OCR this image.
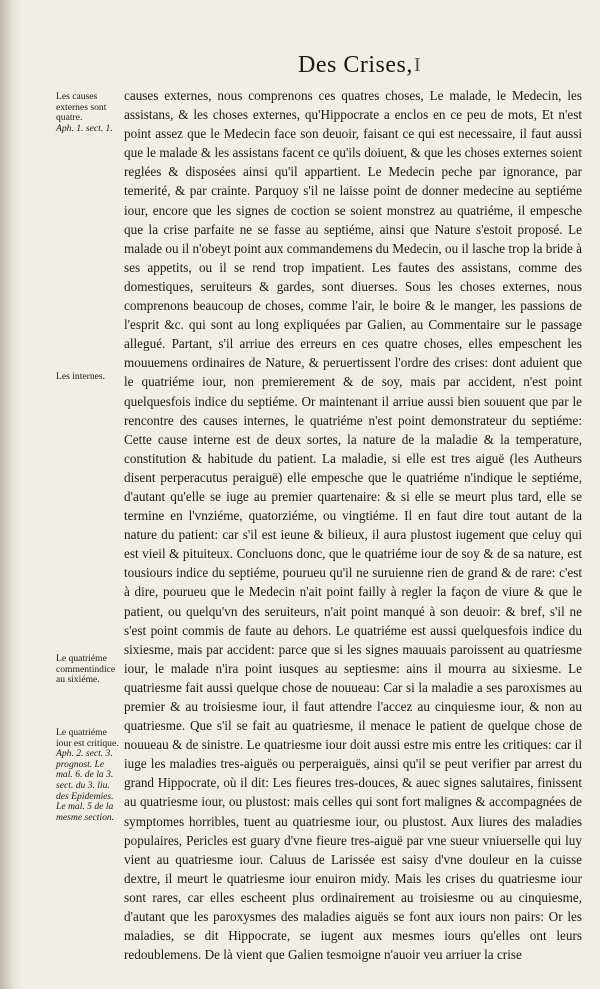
Des Crises, I
Les causes externes sont quatre.
Aph. 1. sect. 1.
Les internes.
Le quatriéme commentindice au sixiéme.
Le quatriéme iour est critique.
Aph. 2. sect. 3. prognost. Le mal. 6. de la 3. sect. du 3. liu. des Epidemies. Le mal. 5 de la mesme section.

causes externes, nous comprenons ces quatres choses, Le malade, le Medecin, les assistans, & les choses externes, qu'Hippocrate a enclos en ce peu de mots, Et n'est point assez que le Medecin face son deuoir, faisant ce qui est necessaire, il faut aussi que le malade & les assistans facent ce qu'ils doiuent, & que les choses externes soient reglées & disposées ainsi qu'il appartient. Le Medecin peche par ignorance, par temerité, & par crainte. Parquoy s'il ne laisse point de donner medecine au septiéme iour, encore que les signes de coction se soient monstrez au quatriéme, il empesche que la crise parfaite ne se fasse au septiéme, ainsi que Nature s'estoit proposé. Le malade ou il n'obeyt point aux commandemens du Medecin, ou il lasche trop la bride à ses appetits, ou il se rend trop impatient. Les fautes des assistans, comme des domestiques, seruiteurs & gardes, sont diuerses. Sous les choses externes, nous comprenons beaucoup de choses, comme l'air, le boire & le manger, les passions de l'esprit &c. qui sont au long expliquées par Galien, au Commentaire sur le passage allegué. Partant, s'il arriue des erreurs en ces quatre choses, elles empeschent les mouuemens ordinaires de Nature, & peruertissent l'ordre des crises: dont aduient que le quatriéme iour, non premierement & de soy, mais par accident, n'est point quelquesfois indice du septiéme. Or maintenant il arriue aussi bien souuent que par le rencontre des causes internes, le quatriéme n'est point demonstrateur du septiéme: Cette cause interne est de deux sortes, la nature de la maladie & la temperature, constitution & habitude du patient. La maladie, si elle est tres aiguë (les Autheurs disent perperacutus peraiguë) elle empesche que le quatriéme n'indique le septiéme, d'autant qu'elle se iuge au premier quartenaire: & si elle se meurt plus tard, elle se termine en l'vnziéme, quatorziéme, ou vingtiéme. Il en faut dire tout autant de la nature du patient: car s'il est ieune & bilieux, il aura plustost iugement que celuy qui est vieil & pituiteux. Concluons donc, que le quatriéme iour de soy & de sa nature, est tousiours indice du septiéme, pourueu qu'il ne suruienne rien de grand & de rare: c'est à dire, pourueu que le Medecin n'ait point failly à regler la façon de viure & que le patient, ou quelqu'vn des seruiteurs, n'ait point manqué à son deuoir: & bref, s'il ne s'est point commis de faute au dehors. Le quatriéme est aussi quelquesfois indice du sixiesme, mais par accident: parce que si les signes mauuais paroissent au quatriesme iour, le malade n'ira point iusques au septiesme: ains il mourra au sixiesme. Le quatriesme fait aussi quelque chose de nouueau: Car si la maladie a ses paroxismes au premier & au troisiesme iour, il faut attendre l'accez au cinquiesme iour, & non au quatriesme. Que s'il se fait au quatriesme, il menace le patient de quelque chose de nouueau & de sinistre. Le quatriesme iour doit aussi estre mis entre les critiques: car il iuge les maladies tres-aiguës ou perperaiguës, ainsi qu'il se peut verifier par arrest du grand Hippocrate, où il dit: Les fieures tres-douces, & auec signes salutaires, finissent au quatriesme iour, ou plustost: mais celles qui sont fort malignes & accompagnées de symptomes horribles, tuent au quatriesme iour, ou plustost. Aux liures des maladies populaires, Pericles est guary d'vne fieure tres-aiguë par vne sueur vniuerselle qui luy vient au quatriesme iour. Caluus de Larissée est saisy d'vne douleur en la cuisse dextre, il meurt le quatriesme iour enuiron midy. Mais les crises du quatriesme iour sont rares, car elles escheent plus ordinairement au troisiesme ou au cinquiesme, d'autant que les paroxysmes des maladies aiguës se font aux iours non pairs: Or les maladies, se dit Hippocrate, se iugent aux mesmes iours qu'elles ont leurs redoublemens. De là vient que Galien tesmoigne n'auoir veu arriuer la crise
